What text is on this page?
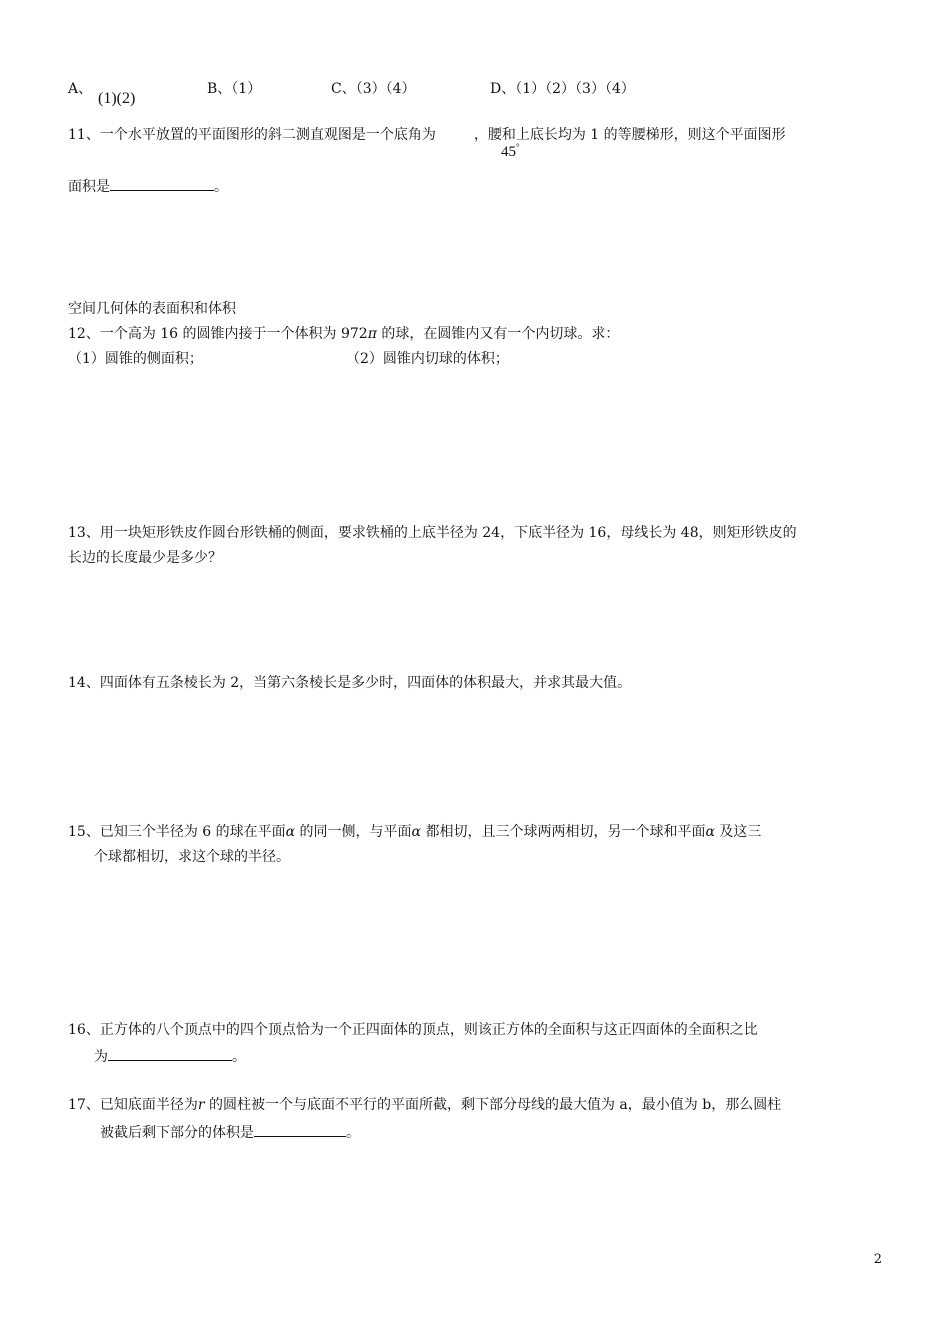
A、
(1)(2)
B、（1）	C、（3）（4）	D、（1）（2）（3）（4）
11、一个水平放置的平面图形的斜二测直观图是一个底角为	，腰和上底长均为 1 的等腰梯形，则这个平面图形
45°
面积是	。
空间几何体的表面积和体积
12、一个高为 16 的圆锥内接于一个体积为 972π 的球，在圆锥内又有一个内切球。求：
（1）圆锥的侧面积；	（2）圆锥内切球的体积；
13、用一块矩形铁皮作圆台形铁桶的侧面，要求铁桶的上底半径为 24，下底半径为 16，母线长为 48，则矩形铁皮的
长边的长度最少是多少？
14、四面体有五条棱长为 2，当第六条棱长是多少时，四面体的体积最大，并求其最大值。
15、已知三个半径为 6 的球在平面α 的同一侧，与平面α 都相切，且三个球两两相切，另一个球和平面α 及这三
个球都相切，求这个球的半径。
16、正方体的八个顶点中的四个顶点恰为一个正四面体的顶点，则该正方体的全面积与这正四面体的全面积之比
为	。
17、已知底面半径为r 的圆柱被一个与底面不平行的平面所截，剩下部分母线的最大值为 a，最小值为 b，那么圆柱
被截后剩下部分的体积是	。
2
